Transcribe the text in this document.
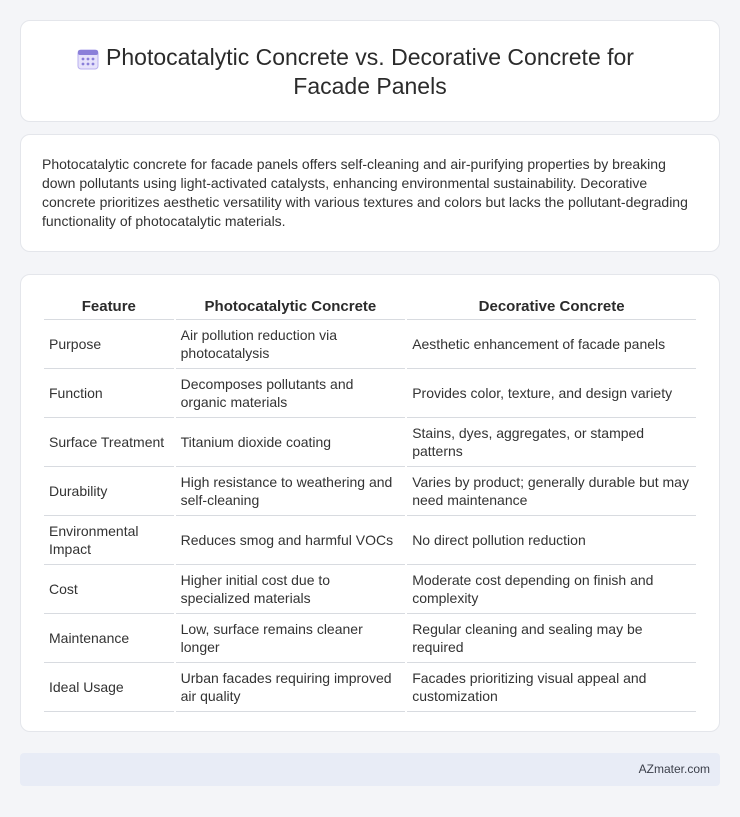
Photocatalytic Concrete vs. Decorative Concrete for Facade Panels

Photocatalytic concrete for facade panels offers self-cleaning and air-purifying properties by breaking down pollutants using light-activated catalysts, enhancing environmental sustainability. Decorative concrete prioritizes aesthetic versatility with various textures and colors but lacks the pollutant-degrading functionality of photocatalytic materials.

Feature	Photocatalytic Concrete	Decorative Concrete
Purpose	Air pollution reduction via photocatalysis	Aesthetic enhancement of facade panels
Function	Decomposes pollutants and organic materials	Provides color, texture, and design variety
Surface Treatment	Titanium dioxide coating	Stains, dyes, aggregates, or stamped patterns
Durability	High resistance to weathering and self-cleaning	Varies by product; generally durable but may need maintenance
Environmental Impact	Reduces smog and harmful VOCs	No direct pollution reduction
Cost	Higher initial cost due to specialized materials	Moderate cost depending on finish and complexity
Maintenance	Low, surface remains cleaner longer	Regular cleaning and sealing may be required
Ideal Usage	Urban facades requiring improved air quality	Facades prioritizing visual appeal and customization
AZmater.com
